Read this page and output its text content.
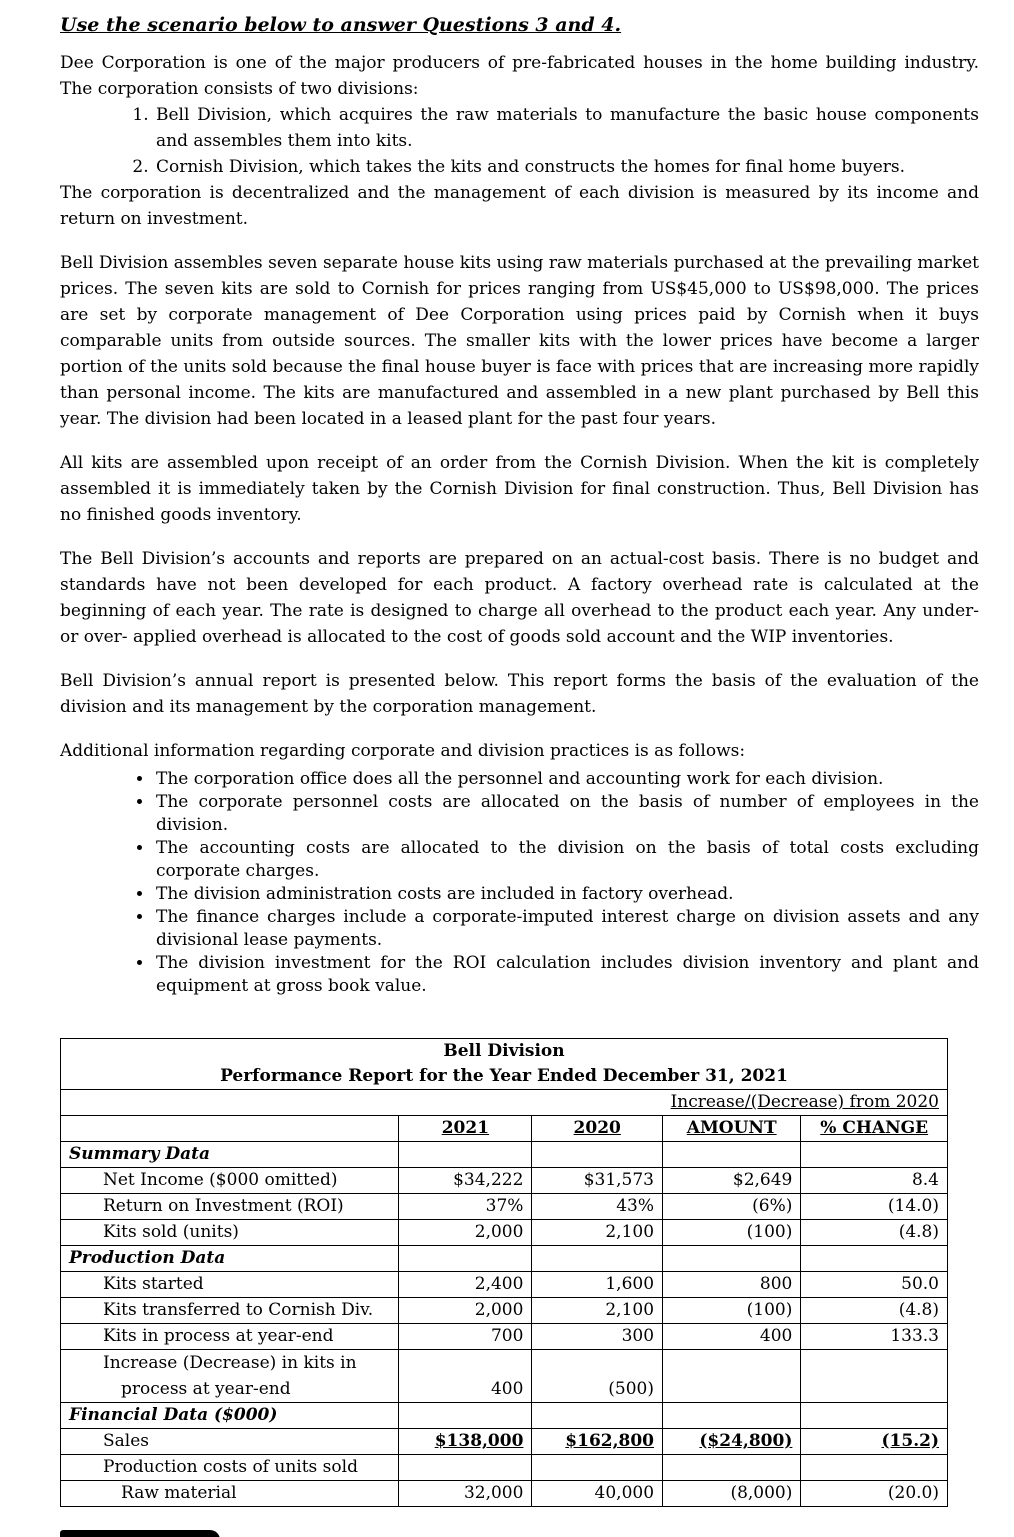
Use the scenario below to answer Questions 3 and 4.

Dee Corporation is one of the major producers of pre-fabricated houses in the home building industry. The corporation consists of two divisions:

1. Bell Division, which acquires the raw materials to manufacture the basic house components and assembles them into kits.
2. Cornish Division, which takes the kits and constructs the homes for final home buyers.

The corporation is decentralized and the management of each division is measured by its income and return on investment.

Bell Division assembles seven separate house kits using raw materials purchased at the prevailing market prices. The seven kits are sold to Cornish for prices ranging from US$45,000 to US$98,000. The prices are set by corporate management of Dee Corporation using prices paid by Cornish when it buys comparable units from outside sources. The smaller kits with the lower prices have become a larger portion of the units sold because the final house buyer is face with prices that are increasing more rapidly than personal income. The kits are manufactured and assembled in a new plant purchased by Bell this year. The division had been located in a leased plant for the past four years.

All kits are assembled upon receipt of an order from the Cornish Division. When the kit is completely assembled it is immediately taken by the Cornish Division for final construction. Thus, Bell Division has no finished goods inventory.

The Bell Division’s accounts and reports are prepared on an actual-cost basis. There is no budget and standards have not been developed for each product. A factory overhead rate is calculated at the beginning of each year. The rate is designed to charge all overhead to the product each year. Any under- or over- applied overhead is allocated to the cost of goods sold account and the WIP inventories.

Bell Division’s annual report is presented below. This report forms the basis of the evaluation of the division and its management by the corporation management.

Additional information regarding corporate and division practices is as follows:

• The corporation office does all the personnel and accounting work for each division.
• The corporate personnel costs are allocated on the basis of number of employees in the division.
• The accounting costs are allocated to the division on the basis of total costs excluding corporate charges.
• The division administration costs are included in factory overhead.
• The finance charges include a corporate-imputed interest charge on division assets and any divisional lease payments.
• The division investment for the ROI calculation includes division inventory and plant and equipment at gross book value.
Bell Division				
Performance Report for the Year Ended December 31, 2021				
			Increase/(Decrease) from 2020	
	2021	2020	AMOUNT	% CHANGE
Summary Data				
Net Income ($000 omitted)	$34,222	$31,573	$2,649	8.4
Return on Investment (ROI)	37%	43%	(6%)	(14.0)
Kits sold (units)	2,000	2,100	(100)	(4.8)
Production Data				
Kits started	2,400	1,600	800	50.0
Kits transferred to Cornish Div.	2,000	2,100	(100)	(4.8)
Kits in process at year-end	700	300	400	133.3

Increase (Decrease) in kits in
process at year-end	400	(500)		
Financial Data ($000)				
Sales	$138,000	$162,800	($24,800)	(15.2)
Production costs of units sold				
Raw material	32,000	40,000	(8,000)	(20.0)
